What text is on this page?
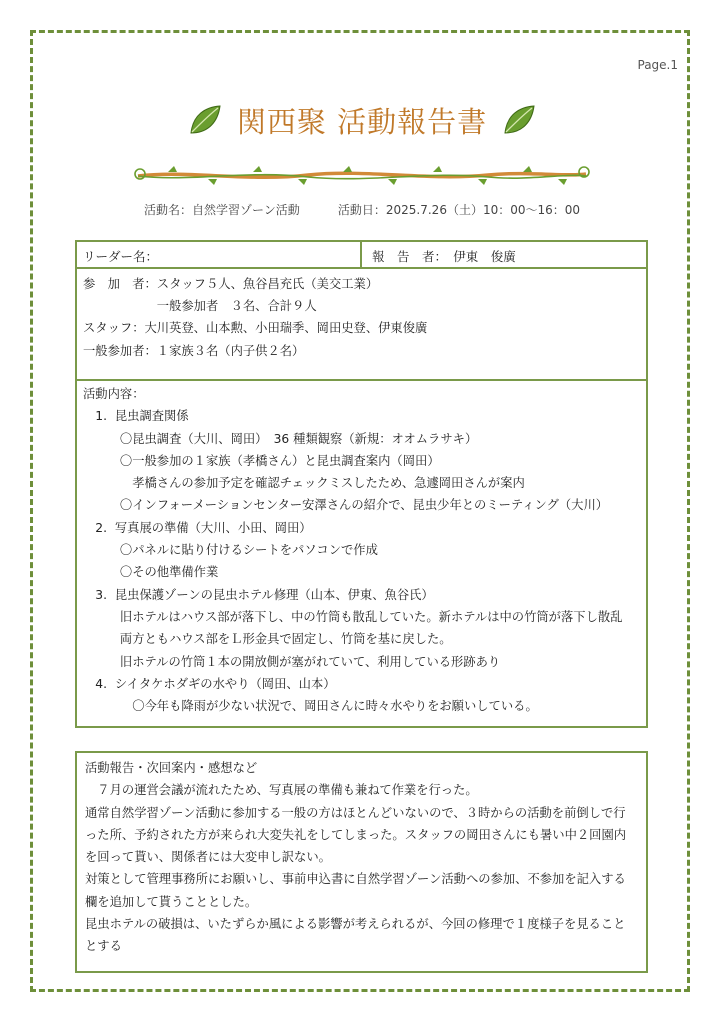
Page.1
関西聚 活動報告書
活動名：自然学習ゾーン活動	活動日：2025.7.26（土）10：00～16：00
リーダー名：	報　告　者：　伊東　俊廣
参　加　者：スタッフ５人、魚谷昌充氏（美交工業）
　　　　　　一般参加者　３名、合計９人
スタッフ：大川英登、山本勲、小田瑞季、岡田史登、伊東俊廣
一般参加者：１家族３名（内子供２名）
活動内容：
　1.  昆虫調査関係
　　　〇昆虫調査（大川、岡田）　36 種類観察（新規：オオムラサキ）
　　　〇一般参加の１家族（孝橋さん）と昆虫調査案内（岡田）
　　　　孝橋さんの参加予定を確認チェックミスしたため、急遽岡田さんが案内
　　　〇インフォーメーションセンター安澤さんの紹介で、昆虫少年とのミーティング（大川）
　2.  写真展の準備（大川、小田、岡田）
　　　〇パネルに貼り付けるシートをパソコンで作成
　　　〇その他準備作業
　3.  昆虫保護ゾーンの昆虫ホテル修理（山本、伊東、魚谷氏）
　　　旧ホテルはハウス部が落下し、中の竹筒も散乱していた。新ホテルは中の竹筒が落下し散乱
　　　両方ともハウス部をＬ形金具で固定し、竹筒を基に戻した。
　　　旧ホテルの竹筒１本の開放側が塞がれていて、利用している形跡あり
　4.  シイタケホダギの水やり（岡田、山本）
　　　　〇今年も降雨が少ない状況で、岡田さんに時々水やりをお願いしている。
活動報告・次回案内・感想など
　７月の運営会議が流れたため、写真展の準備も兼ねて作業を行った。
通常自然学習ゾーン活動に参加する一般の方はほとんどいないので、３時からの活動を前倒しで行
った所、予約された方が来られ大変失礼をしてしまった。スタッフの岡田さんにも暑い中２回園内
を回って貰い、関係者には大変申し訳ない。
対策として管理事務所にお願いし、事前申込書に自然学習ゾーン活動への参加、不参加を記入する
欄を追加して貰うこととした。
昆虫ホテルの破損は、いたずらか風による影響が考えられるが、今回の修理で１度様子を見ること
とする
